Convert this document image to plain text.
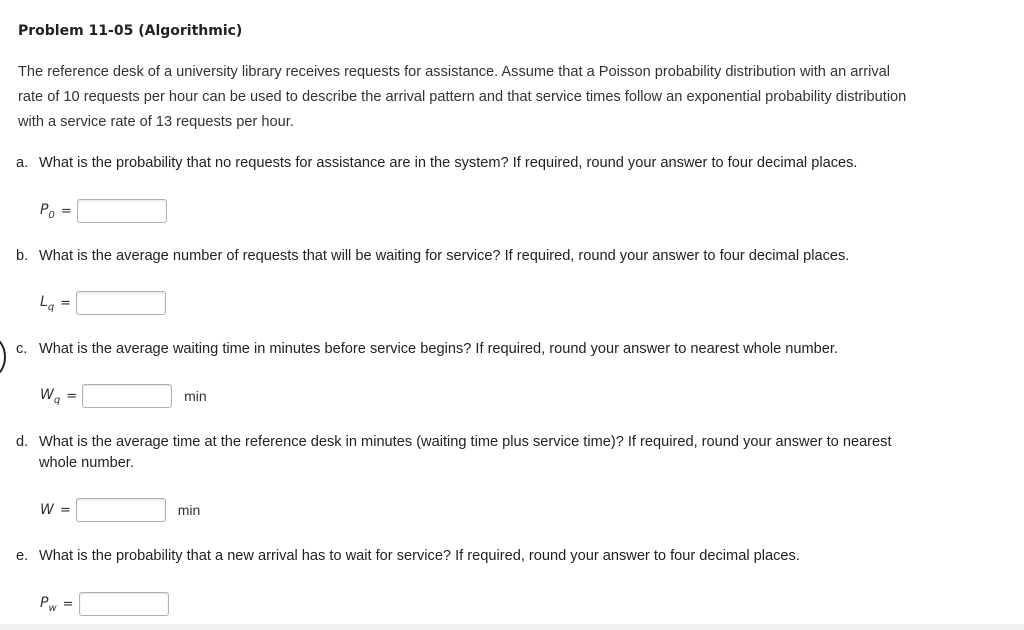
Problem 11-05 (Algorithmic)
The reference desk of a university library receives requests for assistance. Assume that a Poisson probability distribution with an arrival
rate of 10 requests per hour can be used to describe the arrival pattern and that service times follow an exponential probability distribution
with a service rate of 13 requests per hour.
a. What is the probability that no requests for assistance are in the system? If required, round your answer to four decimal places.
$P_0$ =
b. What is the average number of requests that will be waiting for service? If required, round your answer to four decimal places.
$L_q$ =
c. What is the average waiting time in minutes before service begins? If required, round your answer to nearest whole number.
$W_q$ =	min
d. What is the average time at the reference desk in minutes (waiting time plus service time)? If required, round your answer to nearest
whole number.
W =	min
e. What is the probability that a new arrival has to wait for service? If required, round your answer to four decimal places.
$P_w$ =
